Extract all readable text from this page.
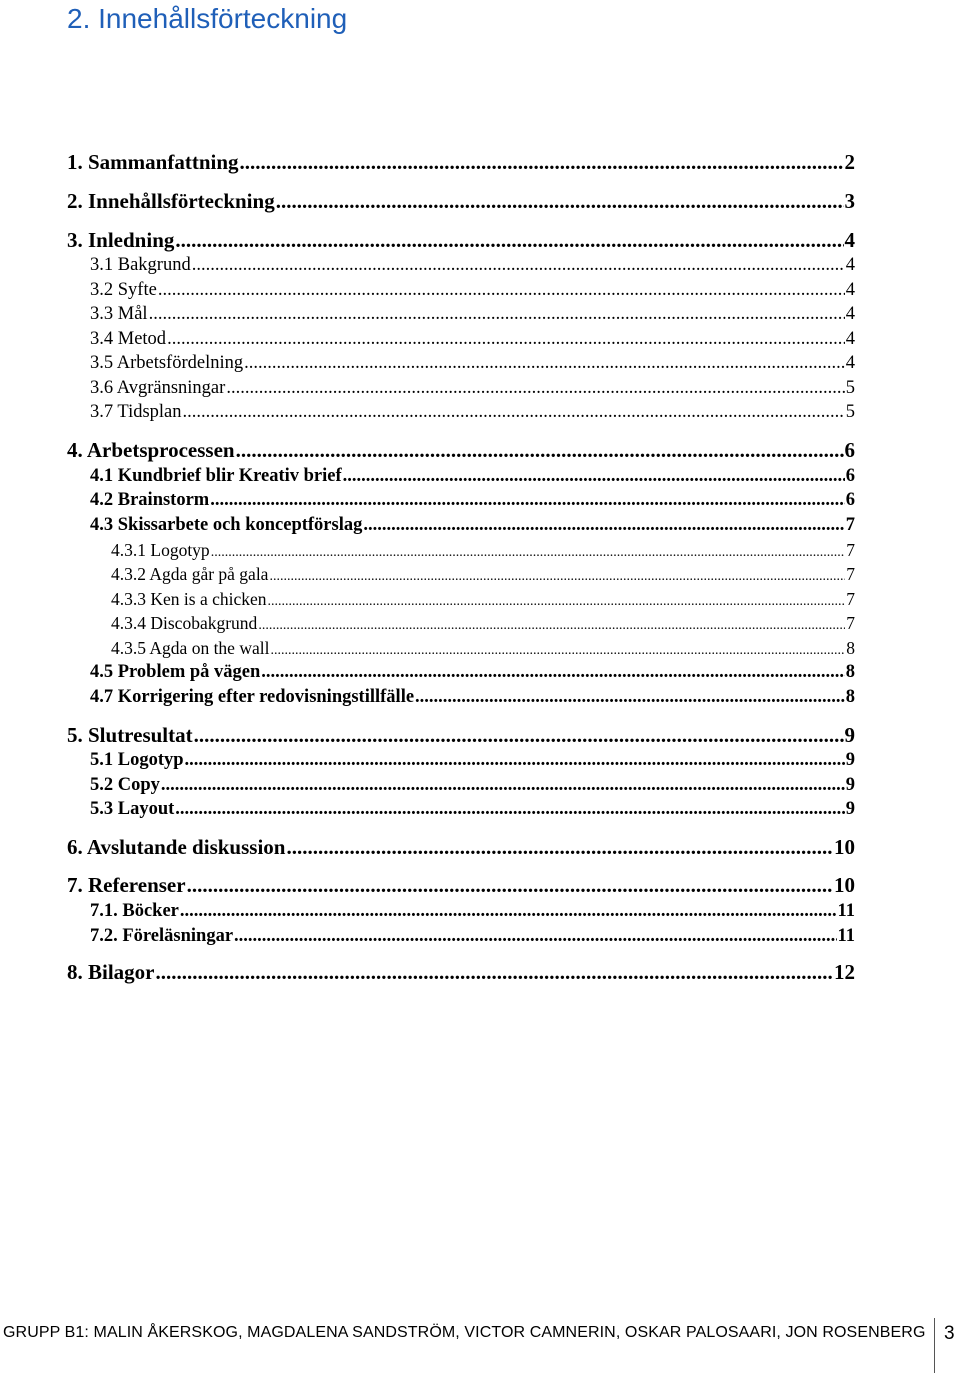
2. Innehållsförteckning
1. Sammanfattning .....	2
2. Innehållsförteckning .....	3
3. Inledning .....	4
3.1 Bakgrund .....	4
3.2 Syfte .....	4
3.3 Mål .....	4
3.4 Metod .....	4
3.5 Arbetsfördelning .....	4
3.6 Avgränsningar .....	5
3.7 Tidsplan .....	5
4. Arbetsprocessen .....	6
4.1 Kundbrief blir Kreativ brief .....	6
4.2 Brainstorm .....	6
4.3 Skissarbete och konceptförslag .....	7
4.3.1 Logotyp .....	7
4.3.2 Agda går på gala .....	7
4.3.3 Ken is a chicken .....	7
4.3.4 Discobakgrund .....	7
4.3.5 Agda on the wall .....	8
4.5 Problem på vägen .....	8
4.7 Korrigering efter redovisningstillfälle .....	8
5. Slutresultat .....	9
5.1 Logotyp .....	9
5.2 Copy .....	9
5.3 Layout .....	9
6. Avslutande diskussion .....	10
7. Referenser .....	10
7.1. Böcker .....	11
7.2. Föreläsningar .....	11
8. Bilagor .....	12
GRUPP B1: MALIN ÅKERSKOG, MAGDALENA SANDSTRÖM, VICTOR CAMNERIN, OSKAR PALOSAARI, JON ROSENBERG 3
